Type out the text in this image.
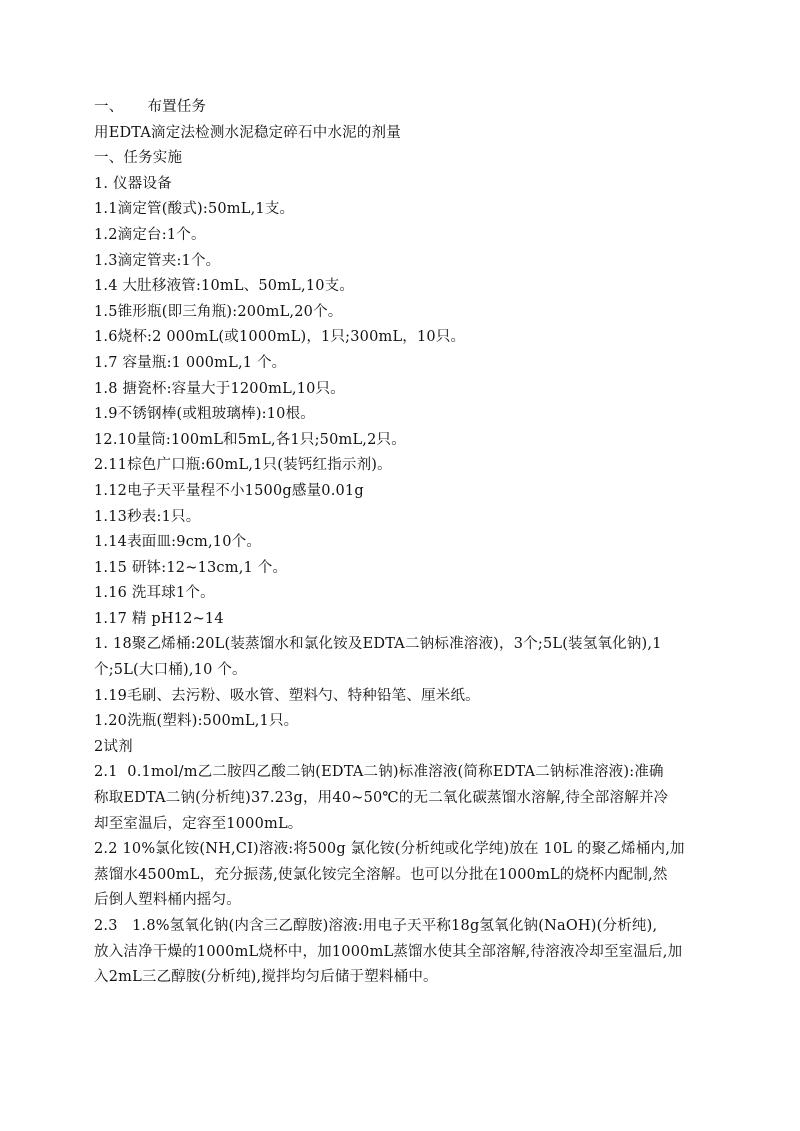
一、     布置任务
用EDTA滴定法检测水泥稳定碎石中水泥的剂量
一、任务实施
1. 仪器设备
1.1滴定管(酸式):50mL,1支。
1.2滴定台:1个。
1.3滴定管夹:1个。
1.4 大肚移液管:10mL、50mL,10支。
1.5锥形瓶(即三角瓶):200mL,20个。
1.6烧杯:2 000mL(或1000mL)，1只;300mL，10只。
1.7 容量瓶:1 000mL,1 个。
1.8 搪瓷杯:容量大于1200mL,10只。
1.9不锈钢棒(或粗玻璃棒):10根。
12.10量筒:100mL和5mL,各1只;50mL,2只。
2.11棕色广口瓶:60mL,1只(装钙红指示剂)。
1.12电子天平量程不小1500g感量0.01g
1.13秒表:1只。
1.14表面皿:9cm,10个。
1.15 研钵:12~13cm,1 个。
1.16 洗耳球1个。
1.17 精 pH12~14
1. 18聚乙烯桶:20L(装蒸馏水和氯化铵及EDTA二钠标准溶液)，3个;5L(装氢氧化钠),1
个;5L(大口桶),10 个。
1.19毛刷、去污粉、吸水管、塑料勺、特种铅笔、厘米纸。
1.20洗瓶(塑料):500mL,1只。
2试剂
2.1  0.1mol/m乙二胺四乙酸二钠(EDTA二钠)标准溶液(简称EDTA二钠标准溶液):准确
称取EDTA二钠(分析纯)37.23g，用40~50℃的无二氧化碳蒸馏水溶解,待全部溶解并冷
却至室温后，定容至1000mL。
2.2 10%氯化铵(NH,CI)溶液:将500g 氯化铵(分析纯或化学纯)放在 10L 的聚乙烯桶内,加
蒸馏水4500mL，充分振荡,使氯化铵完全溶解。也可以分批在1000mL的烧杯内配制,然
后倒人塑料桶内摇匀。
2.3   1.8%氢氧化钠(内含三乙醇胺)溶液:用电子天平称18g氢氧化钠(NaOH)(分析纯),
放入洁净干燥的1000mL烧杯中，加1000mL蒸馏水使其全部溶解,待溶液冷却至室温后,加
入2mL三乙醇胺(分析纯),搅拌均匀后储于塑料桶中。
